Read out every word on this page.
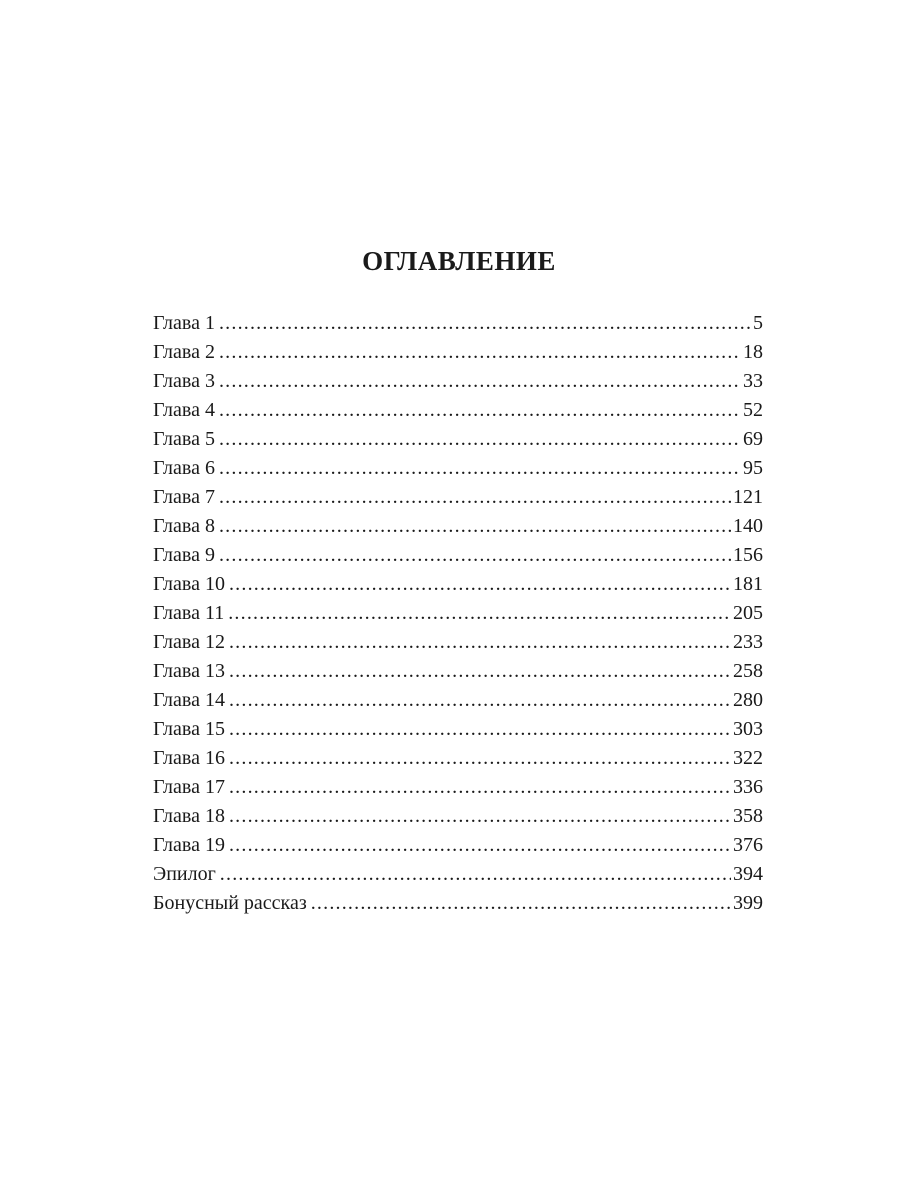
ОГЛАВЛЕНИЕ
Глава 1 .....	5
Глава 2 .....	18
Глава 3 .....	33
Глава 4 .....	52
Глава 5 .....	69
Глава 6 .....	95
Глава 7 .....	121
Глава 8 .....	140
Глава 9 .....	156
Глава 10 .....	181
Глава 11 .....	205
Глава 12 .....	233
Глава 13 .....	258
Глава 14 .....	280
Глава 15 .....	303
Глава 16 .....	322
Глава 17 .....	336
Глава 18 .....	358
Глава 19 .....	376
Эпилог .....	394
Бонусный рассказ .....	399
